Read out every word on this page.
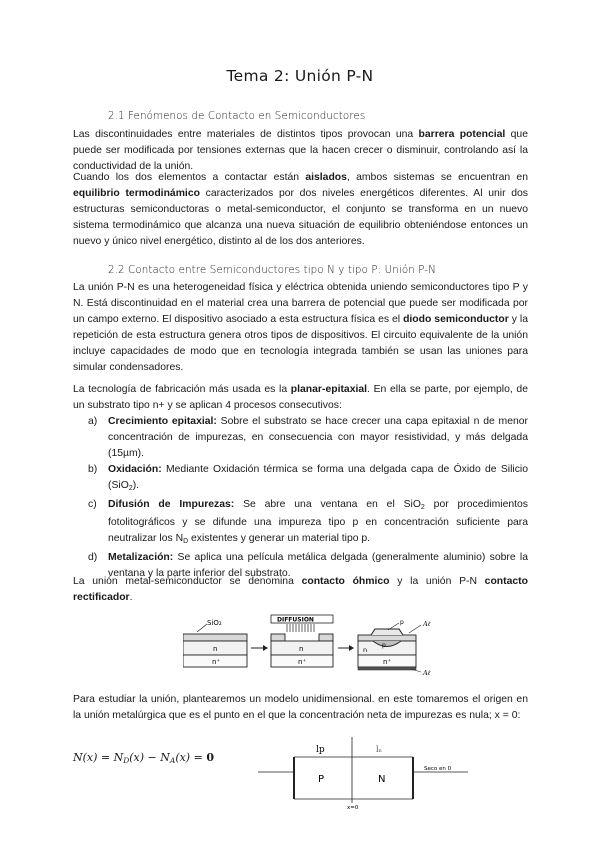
Tema 2: Unión P-N
2.1 Fenómenos de Contacto en Semiconductores
Las discontinuidades entre materiales de distintos tipos provocan una barrera potencial que puede ser modificada por tensiones externas que la hacen crecer o disminuir, controlando así la conductividad de la unión.
Cuando los dos elementos a contactar están aislados, ambos sistemas se encuentran en equilibrio termodinámico caracterizados por dos niveles energéticos diferentes. Al unir dos estructuras semiconductoras o metal-semiconductor, el conjunto se transforma en un nuevo sistema termodinámico que alcanza una nueva situación de equilibrio obteniéndose entonces un nuevo y único nivel energético, distinto al de los dos anteriores.
2.2 Contacto entre Semiconductores tipo N y tipo P: Unión P-N
La unión P-N es una heterogeneidad física y eléctrica obtenida uniendo semiconductores tipo P y N. Está discontinuidad en el material crea una barrera de potencial que puede ser modificada por un campo externo. El dispositivo asociado a esta estructura física es el diodo semiconductor y la repetición de esta estructura genera otros tipos de dispositivos. El circuito equivalente de la unión incluye capacidades de modo que en tecnología integrada también se usan las uniones para simular condensadores.
La tecnología de fabricación más usada es la planar-epitaxial. En ella se parte, por ejemplo, de un substrato tipo n+ y se aplican 4 procesos consecutivos:
a) Crecimiento epitaxial: Sobre el substrato se hace crecer una capa epitaxial n de menor concentración de impurezas, en consecuencia con mayor resistividad, y más delgada (15µm).
b) Oxidación: Mediante Oxidación térmica se forma una delgada capa de Óxido de Silicio (SiO$_2$).
c) Difusión de Impurezas: Se abre una ventana en el SiO$_2$ por procedimientos fotolitográficos y se difunde una impureza tipo p en concentración suficiente para neutralizar los $N_D$ existentes y generar un material tipo p.
d) Metalización: Se aplica una película metálica delgada (generalmente aluminio) sobre la ventana y la parte inferior del substrato.
La unión metal-semiconductor se denomina contacto óhmico y la unión P-N contacto rectificador.
SiO₂
n
n⁺
DIFFUSION
n
n⁺
p
n
n⁺
p	Aℓ
Aℓ
Para estudiar la unión, plantearemos un modelo unidimensional. en este tomaremos el origen en la unión metalúrgica que es el punto en el que la concentración neta de impurezas es nula; x = 0:
$N(x) = N_D(x) - N_A(x) = 0$
lp	lₙ
P	N
Seco en 0
x=0
